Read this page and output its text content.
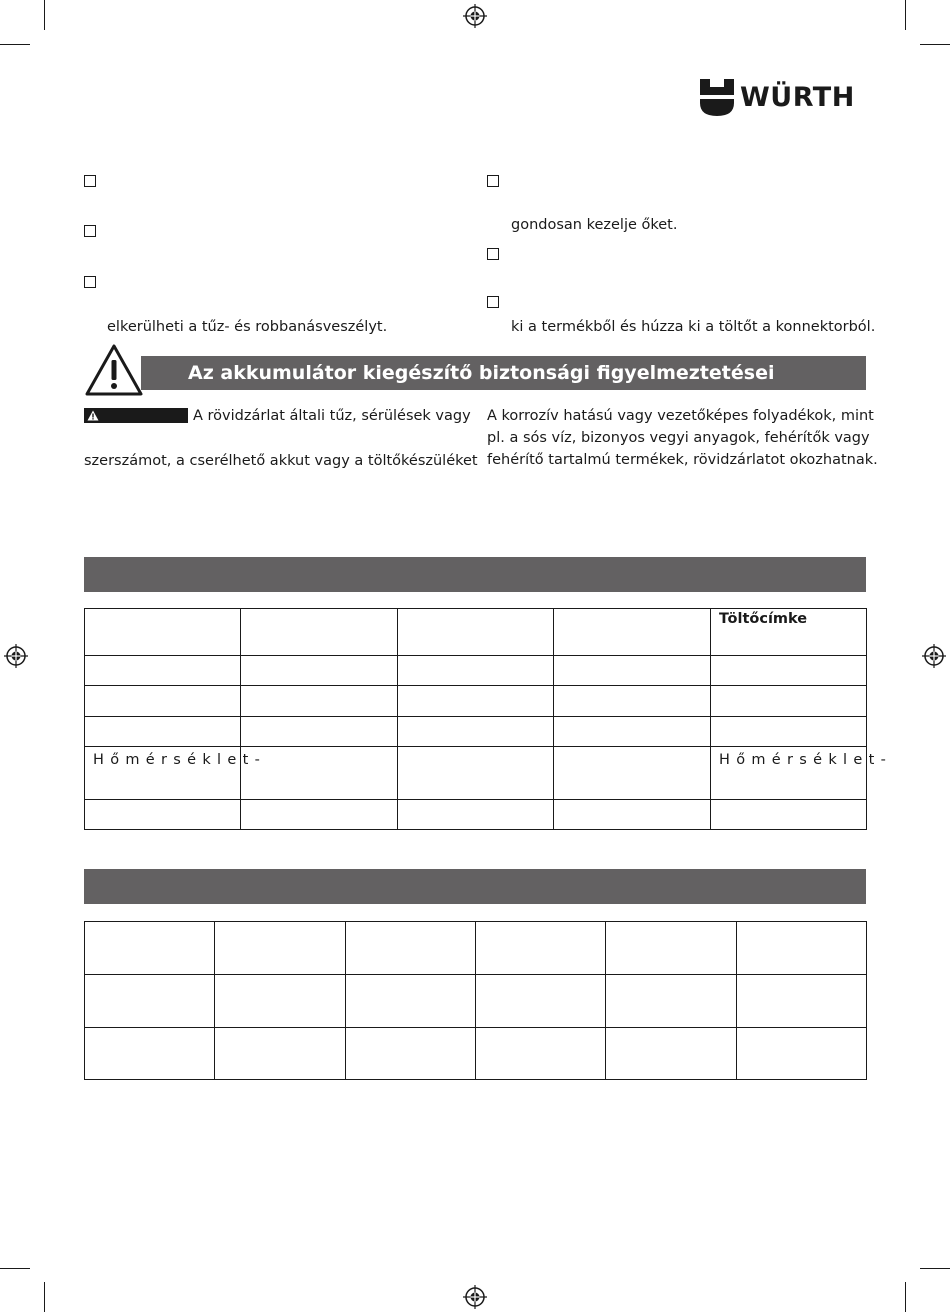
WÜRTH
elkerülheti a tűz- és robbanásveszélyt.
gondosan kezelje őket.
ki a termékből és húzza ki a töltőt a konnektorból.
Az akkumulátor kiegészítő biztonsági figyelmeztetései
A rövidzárlat általi tűz, sérülések vagy
szerszámot, a cserélhető akkut vagy a töltőkészüléket
A korrozív hatású vagy vezetőképes folyadékok, mint
pl. a sós víz, bizonyos vegyi anyagok, fehérítők vagy
fehérítő tartalmú termékek, rövidzárlatot okozhatnak.

				Töltőcímke

Hőmérséklet-				Hőmérséklet-
